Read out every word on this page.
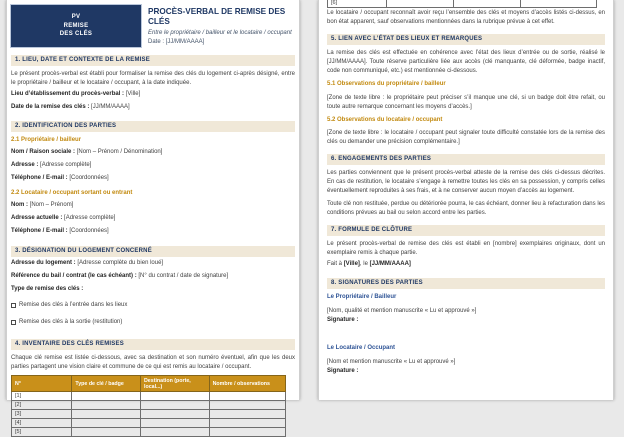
PV
REMISE
DES CLÉS
PROCÈS-VERBAL DE REMISE DES CLÉS
Entre le propriétaire / bailleur et le locataire / occupant
Date : [JJ/MM/AAAA]
1. LIEU, DATE ET CONTEXTE DE LA REMISE

Le présent procès-verbal est établi pour formaliser la remise des clés du logement ci-après désigné, entre le propriétaire / bailleur et le locataire / occupant, à la date indiquée.

Lieu d’établissement du procès-verbal : [Ville]

Date de la remise des clés : [JJ/MM/AAAA]

2. IDENTIFICATION DES PARTIES
2.1 Propriétaire / bailleur

Nom / Raison sociale : [Nom – Prénom / Dénomination]

Adresse : [Adresse complète]

Téléphone / E-mail : [Coordonnées]

2.2 Locataire / occupant sortant ou entrant

Nom : [Nom – Prénom]

Adresse actuelle : [Adresse complète]

Téléphone / E-mail : [Coordonnées]

3. DÉSIGNATION DU LOGEMENT CONCERNÉ

Adresse du logement : [Adresse complète du bien loué]

Référence du bail / contrat (le cas échéant) : [N° du contrat / date de signature]

Type de remise des clés :

Remise des clés à l’entrée dans les lieux
Remise des clés à la sortie (restitution)
4. INVENTAIRE DES CLÉS REMISES

Chaque clé remise est listée ci-dessous, avec sa destination et son numéro éventuel, afin que les deux parties partagent une vision claire et commune de ce qui est remis au locataire / occupant.

N°	Type de clé / badge	Destination (porte, local...)	Nombre / observations
[1]			
[2]			
[3]			
[4]			
[5]			
[6]			

Le locataire / occupant reconnaît avoir reçu l’ensemble des clés et moyens d’accès listés ci-dessus, en bon état apparent, sauf observations mentionnées dans la rubrique prévue à cet effet.

5. LIEN AVEC L’ÉTAT DES LIEUX ET REMARQUES

La remise des clés est effectuée en cohérence avec l’état des lieux d’entrée ou de sortie, réalisé le [JJ/MM/AAAA]. Toute réserve particulière liée aux accès (clé manquante, clé déformée, badge inactif, code non communiqué, etc.) est mentionnée ci-dessous.

5.1 Observations du propriétaire / bailleur

[Zone de texte libre : le propriétaire peut préciser s’il manque une clé, si un badge doit être refait, ou toute autre remarque concernant les moyens d’accès.]

5.2 Observations du locataire / occupant

[Zone de texte libre : le locataire / occupant peut signaler toute difficulté constatée lors de la remise des clés ou demander une précision complémentaire.]

6. ENGAGEMENTS DES PARTIES

Les parties conviennent que le présent procès-verbal atteste de la remise des clés ci-dessus décrites. En cas de restitution, le locataire s’engage à remettre toutes les clés en sa possession, y compris celles éventuellement reproduites à ses frais, et à ne conserver aucun moyen d’accès au logement.

Toute clé non restituée, perdue ou détériorée pourra, le cas échéant, donner lieu à refacturation dans les conditions prévues au bail ou selon accord entre les parties.

7. FORMULE DE CLÔTURE

Le présent procès-verbal de remise des clés est établi en [nombre] exemplaires originaux, dont un exemplaire remis à chaque partie.

Fait à [Ville], le [JJ/MM/AAAA]

8. SIGNATURES DES PARTIES
Le Propriétaire / Bailleur

[Nom, qualité et mention manuscrite « Lu et approuvé »]

Signature :

Le Locataire / Occupant

[Nom et mention manuscrite « Lu et approuvé »]

Signature :
